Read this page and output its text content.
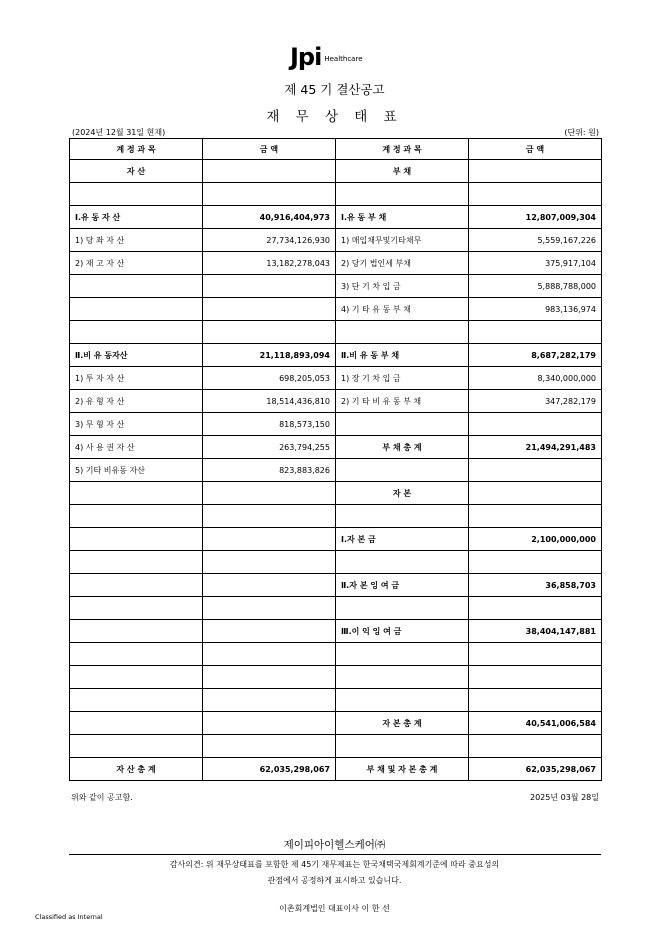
Jpi Healthcare
제 45 기 결산공고
재 무 상 태 표
(2024년 12월 31일 현재)	(단위: 원)
계 정 과 목	금 액	계 정 과 목	금 액
자 산		부 채	

Ⅰ.유 동 자 산	40,916,404,973	Ⅰ.유 동 부 채	12,807,009,304
1) 당 좌 자 산	27,734,126,930	1) 매입채무및기타채무	5,559,167,226
2) 재 고 자 산	13,182,278,043	2) 당기 법인세 부채	375,917,104
		3) 단 기 차 입 금	5,888,788,000
		4) 기 타 유 동 부 채	983,136,974

Ⅱ.비 유 동자산	21,118,893,094	Ⅱ.비 유 동 부 채	8,687,282,179
1) 투 자 자 산	698,205,053	1) 장 기 차 입 금	8,340,000,000
2) 유 형 자 산	18,514,436,810	2) 기 타 비 유 동 부 채	347,282,179
3) 무 형 자 산	818,573,150		
4) 사 용 권 자 산	263,794,255	부 채 총 계	21,494,291,483
5) 기타 비유동 자산	823,883,826		
		자 본	

		Ⅰ.자 본 금	2,100,000,000

		Ⅱ.자 본 잉 여 금	36,858,703

		Ⅲ.이 익 잉 여 금	38,404,147,881

		자 본 총 계	40,541,006,584

자 산 총 계	62,035,298,067	부 채 및 자 본 총 계	62,035,298,067
위와 같이 공고함.	2025년 03월 28일
제이피아이헬스케어㈜
감사의견: 위 재무상태표를 포함한 제 45기 재무제표는 한국채택국제회계기준에 따라 중요성의
관점에서 공정하게 표시하고 있습니다.
이촌회계법인 대표이사 이 한 선
Classified as Internal
